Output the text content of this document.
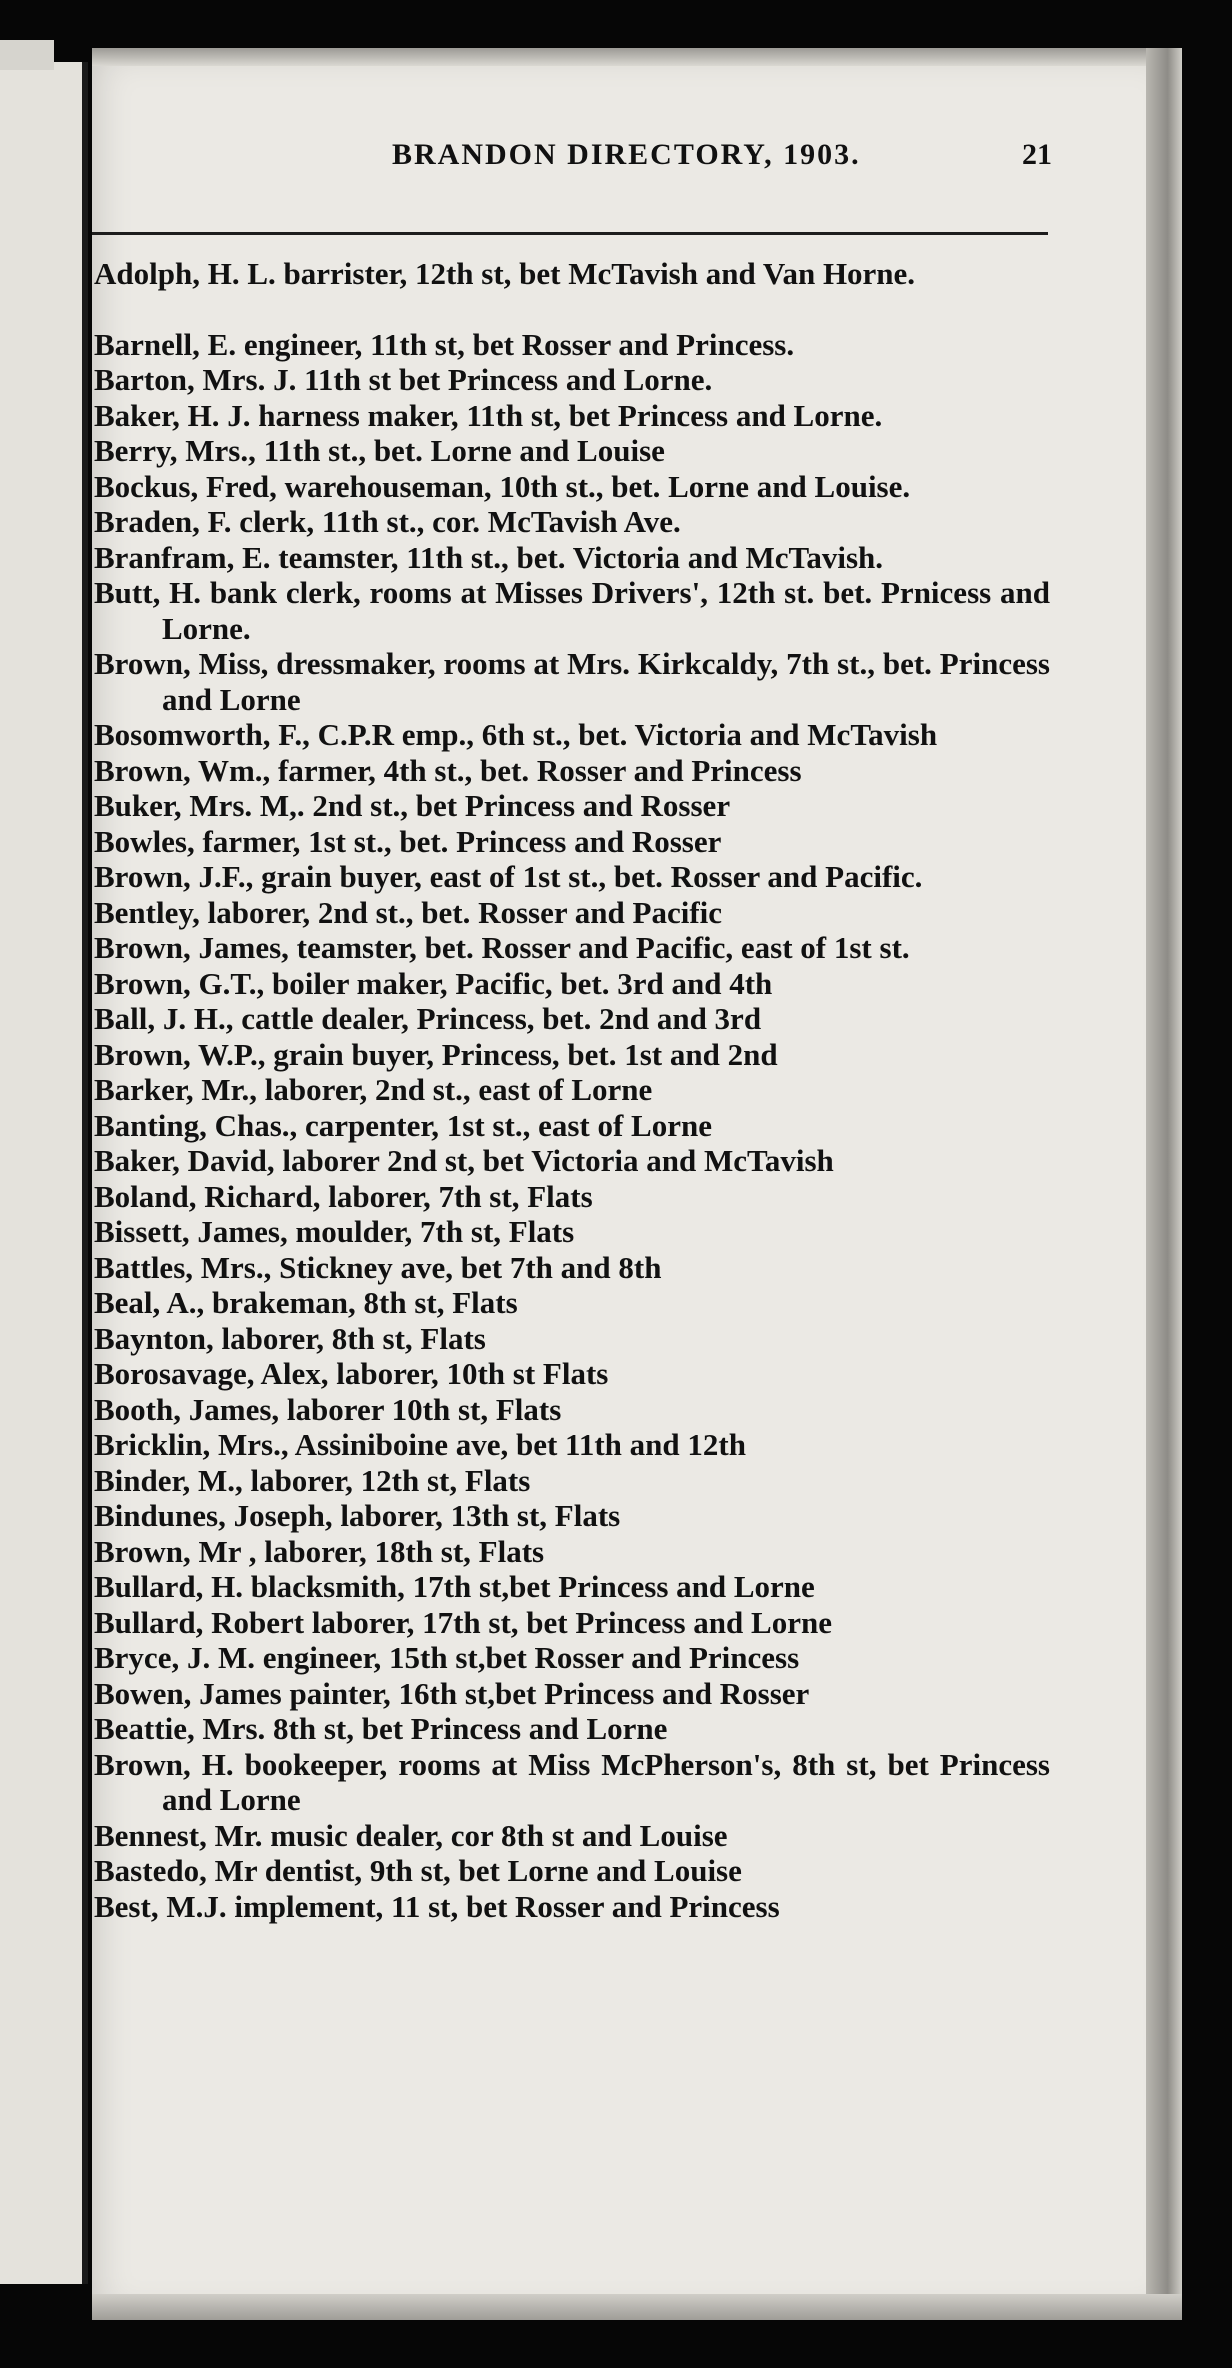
BRANDON DIRECTORY, 1903.	21
Adolph, H. L. barrister, 12th st, bet McTavish and Van Horne.
Barnell, E. engineer, 11th st, bet Rosser and Princess.
Barton, Mrs. J. 11th st bet Princess and Lorne.
Baker, H. J. harness maker, 11th st, bet Princess and Lorne.
Berry, Mrs., 11th st., bet. Lorne and Louise
Bockus, Fred, warehouseman, 10th st., bet. Lorne and Louise.
Braden, F. clerk, 11th st., cor. McTavish Ave.
Branfram, E. teamster, 11th st., bet. Victoria and McTavish.
Butt, H. bank clerk, rooms at Misses Drivers', 12th st. bet. Prnicess and Lorne.
Brown, Miss, dressmaker, rooms at Mrs. Kirkcaldy, 7th st., bet. Princess and Lorne
Bosomworth, F., C.P.R emp., 6th st., bet. Victoria and McTavish
Brown, Wm., farmer, 4th st., bet. Rosser and Princess
Buker, Mrs. M,. 2nd st., bet Princess and Rosser
Bowles, farmer, 1st st., bet. Princess and Rosser
Brown, J.F., grain buyer, east of 1st st., bet. Rosser and Pacific.
Bentley, laborer, 2nd st., bet. Rosser and Pacific
Brown, James, teamster, bet. Rosser and Pacific, east of 1st st.
Brown, G.T., boiler maker, Pacific, bet. 3rd and 4th
Ball, J. H., cattle dealer, Princess, bet. 2nd and 3rd
Brown, W.P., grain buyer, Princess, bet. 1st and 2nd
Barker, Mr., laborer, 2nd st., east of Lorne
Banting, Chas., carpenter, 1st st., east of Lorne
Baker, David, laborer 2nd st, bet Victoria and McTavish
Boland, Richard, laborer, 7th st, Flats
Bissett, James, moulder, 7th st, Flats
Battles, Mrs., Stickney ave, bet 7th and 8th
Beal, A., brakeman, 8th st, Flats
Baynton, laborer, 8th st, Flats
Borosavage, Alex, laborer, 10th st Flats
Booth, James, laborer 10th st, Flats
Bricklin, Mrs., Assiniboine ave, bet 11th and 12th
Binder, M., laborer, 12th st, Flats
Bindunes, Joseph, laborer, 13th st, Flats
Brown, Mr , laborer, 18th st, Flats
Bullard, H. blacksmith, 17th st,bet Princess and Lorne
Bullard, Robert laborer, 17th st, bet Princess and Lorne
Bryce, J. M. engineer, 15th st,bet Rosser and Princess
Bowen, James painter, 16th st,bet Princess and Rosser
Beattie, Mrs. 8th st, bet Princess and Lorne
Brown, H. bookeeper, rooms at Miss McPherson's, 8th st, bet Princess and Lorne
Bennest, Mr. music dealer, cor 8th st and Louise
Bastedo, Mr dentist, 9th st, bet Lorne and Louise
Best, M.J. implement, 11 st, bet Rosser and Princess
